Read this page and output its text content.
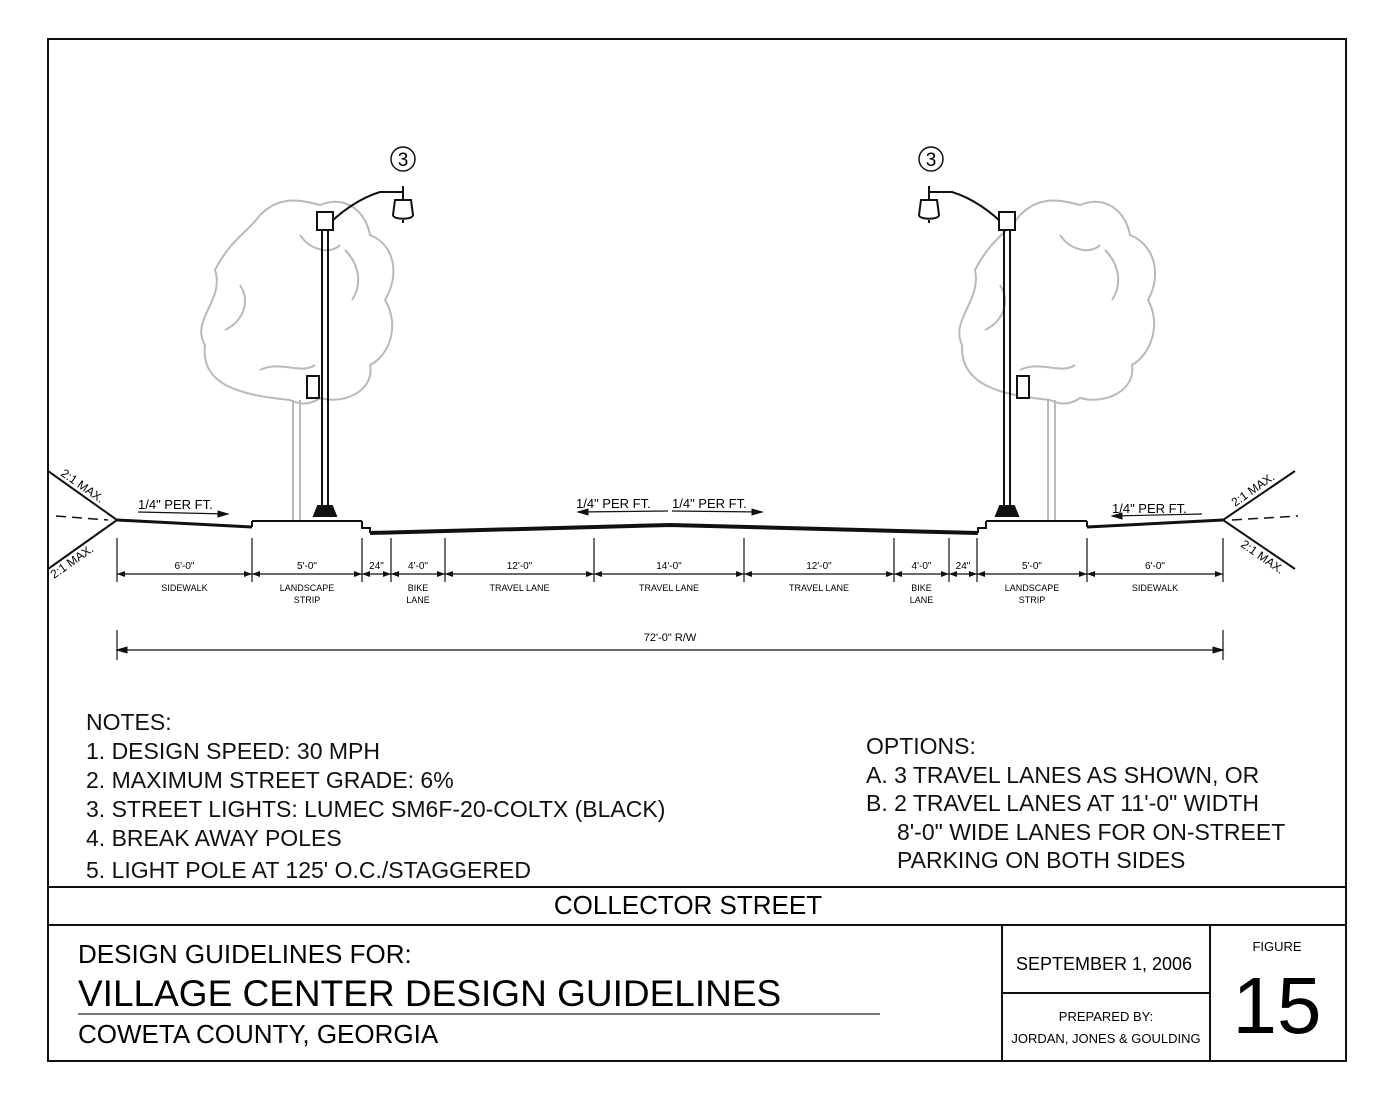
3	3
1/4" PER FT.	1/4" PER FT. 1/4" PER FT.	1/4" PER FT.
2:1 MAX.
2:1 MAX.
2:1 MAX.
2:1 MAX.
6'-0"
SIDEWALK
5'-0"
LANDSCAPE
STRIP
24" 4'-0"
BIKE
LANE
12'-0"
TRAVEL LANE
14'-0"
TRAVEL LANE
12'-0"
TRAVEL LANE
4'-0"
BIKE
LANE
24"	5'-0"
LANDSCAPE
STRIP
6'-0"
SIDEWALK
72'-0" R/W
COLLECTOR STREET
DESIGN GUIDELINES FOR:
VILLAGE CENTER DESIGN GUIDELINES
COWETA COUNTY, GEORGIA
SEPTEMBER 1, 2006
PREPARED BY:
JORDAN, JONES & GOULDING
FIGURE
15
NOTES:
1. DESIGN SPEED: 30 MPH
2. MAXIMUM STREET GRADE: 6%
3. STREET LIGHTS: LUMEC SM6F-20-COLTX (BLACK)
4. BREAK AWAY POLES
5. LIGHT POLE AT 125' O.C./STAGGERED
OPTIONS:
A. 3 TRAVEL LANES AS SHOWN, OR
B. 2 TRAVEL LANES AT 11'-0" WIDTH
8'-0" WIDE LANES FOR ON-STREET
PARKING ON BOTH SIDES
